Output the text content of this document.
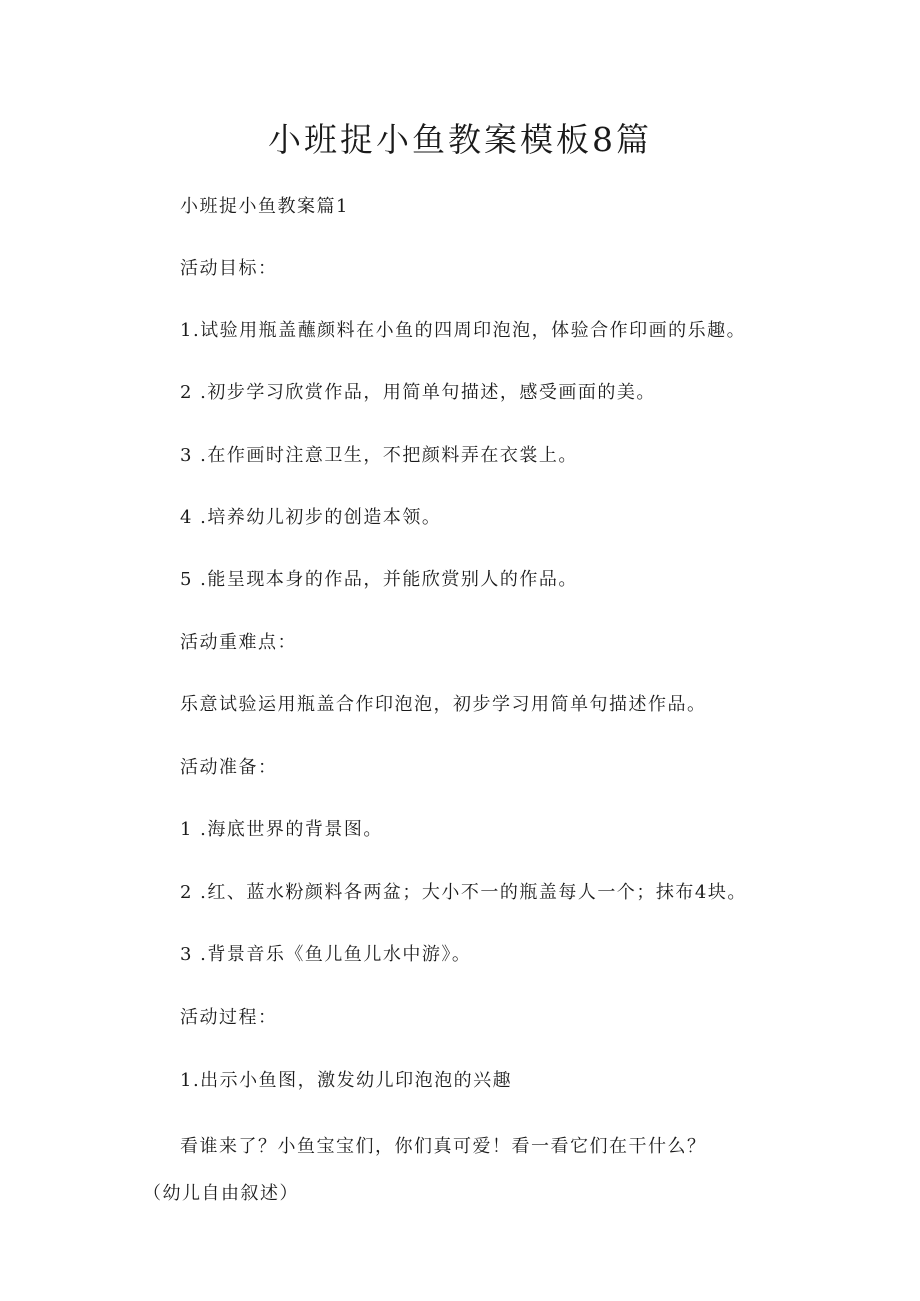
小班捉小鱼教案模板8篇
小班捉小鱼教案篇1
活动目标：
1.试验用瓶盖蘸颜料在小鱼的四周印泡泡，体验合作印画的乐趣。
2 .初步学习欣赏作品，用简单句描述，感受画面的美。
3 .在作画时注意卫生，不把颜料弄在衣裳上。
4 .培养幼儿初步的创造本领。
5 .能呈现本身的作品，并能欣赏别人的作品。
活动重难点：
乐意试验运用瓶盖合作印泡泡，初步学习用简单句描述作品。
活动准备：
1 .海底世界的背景图。
2 .红、蓝水粉颜料各两盆；大小不一的瓶盖每人一个；抹布4块。
3 .背景音乐《鱼儿鱼儿水中游》。
活动过程：
1.出示小鱼图，激发幼儿印泡泡的兴趣
看谁来了？小鱼宝宝们，你们真可爱！看一看它们在干什么？
（幼儿自由叙述）
